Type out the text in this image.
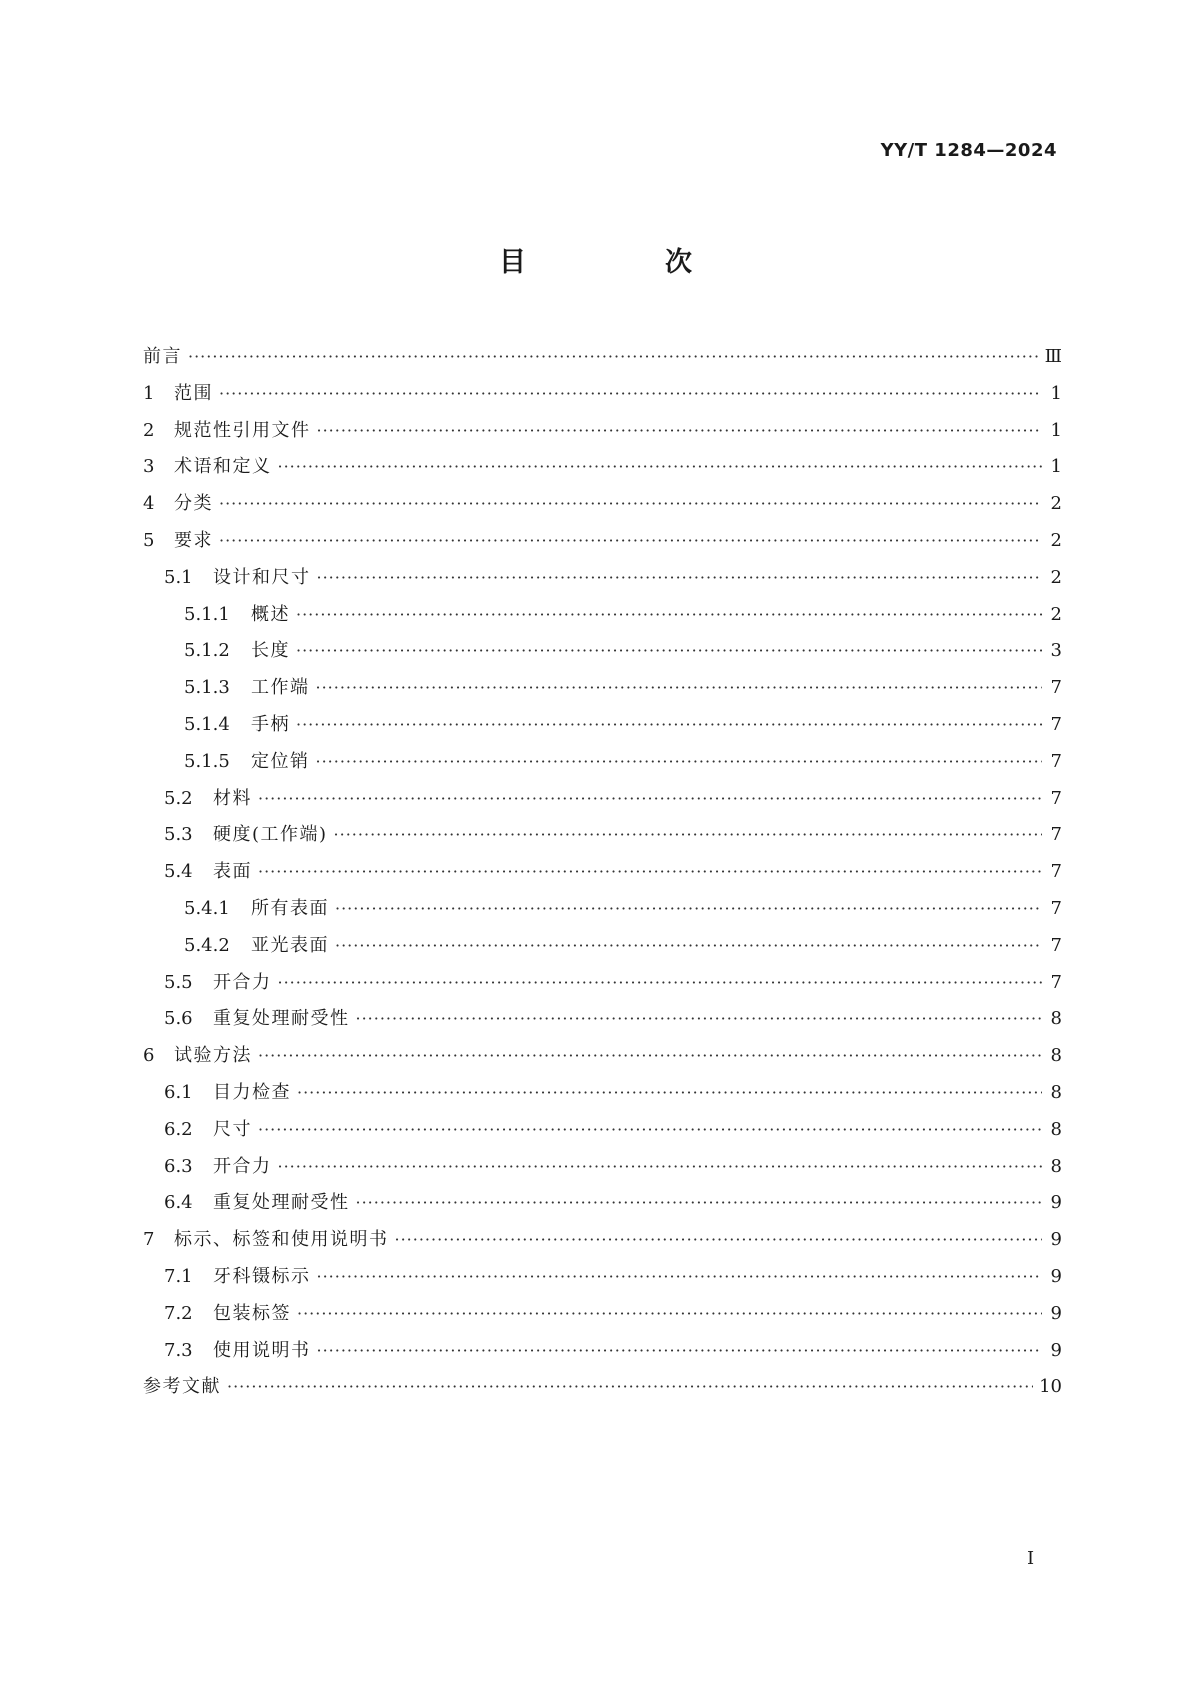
YY/T 1284—2024
目　次
前言 ·····	Ⅲ
1	范围 ·····	1
2	规范性引用文件 ·····	1
3	术语和定义 ·····	1
4	分类 ·····	2
5	要求 ·····	2
5.1	设计和尺寸 ·····	2
5.1.1	概述 ·····	2
5.1.2	长度 ·····	3
5.1.3	工作端 ·····	7
5.1.4	手柄 ·····	7
5.1.5	定位销 ·····	7
5.2	材料 ·····	7
5.3	硬度(工作端) ·····	7
5.4	表面 ·····	7
5.4.1	所有表面 ·····	7
5.4.2	亚光表面 ·····	7
5.5	开合力 ·····	7
5.6	重复处理耐受性 ·····	8
6	试验方法 ·····	8
6.1	目力检查 ·····	8
6.2	尺寸 ·····	8
6.3	开合力 ·····	8
6.4	重复处理耐受性 ·····	9
7	标示、标签和使用说明书 ·····	9
7.1	牙科镊标示 ·····	9
7.2	包装标签 ·····	9
7.3	使用说明书 ·····	9
参考文献 ·····	10
I
